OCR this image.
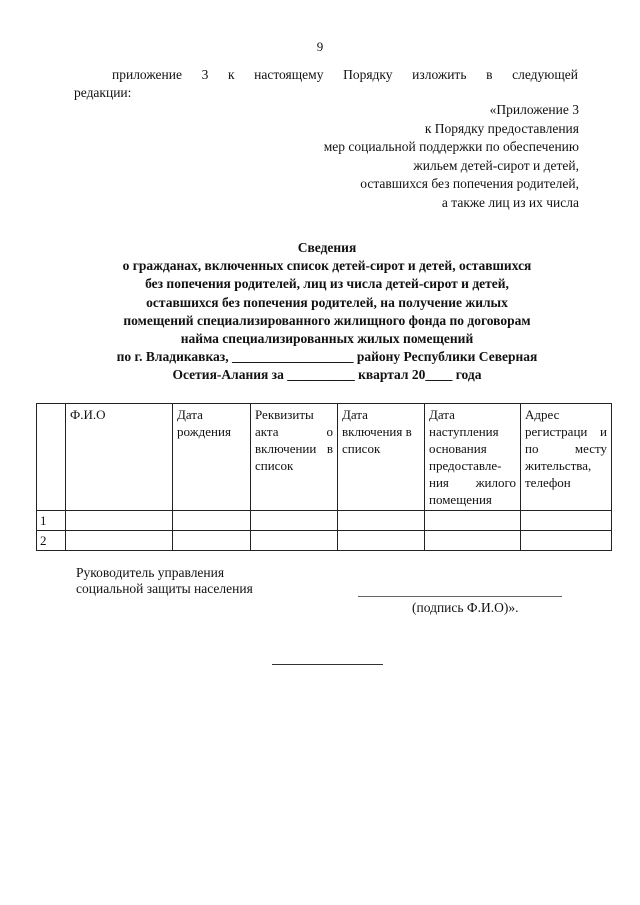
9
приложение 3 к настоящему Порядку изложить в следующей
редакции:
«Приложение 3
к Порядку предоставления
мер социальной поддержки по обеспечению
жильем детей-сирот и детей,
оставшихся без попечения родителей,
а также лиц из их числа
Сведения
о гражданах, включенных список детей-сирот и детей, оставшихся
без попечения родителей, лиц из числа детей-сирот и детей,
оставшихся без попечения родителей, на получение жилых
помещений специализированного жилищного фонда по договорам
найма специализированных жилых помещений
по г. Владикавказ, __________________ району Республики Северная
Осетия-Алания за __________ квартал 20____ года
	Ф.И.О	Дата рождения	Реквизиты акта о включении в список	Дата включения в список	Дата наступления основания предоставле-ния жилого помещения	Адрес регистраци и по месту жительства, телефон
1						
2						
Руководитель управления
социальной защиты населения
(подпись Ф.И.О)».
